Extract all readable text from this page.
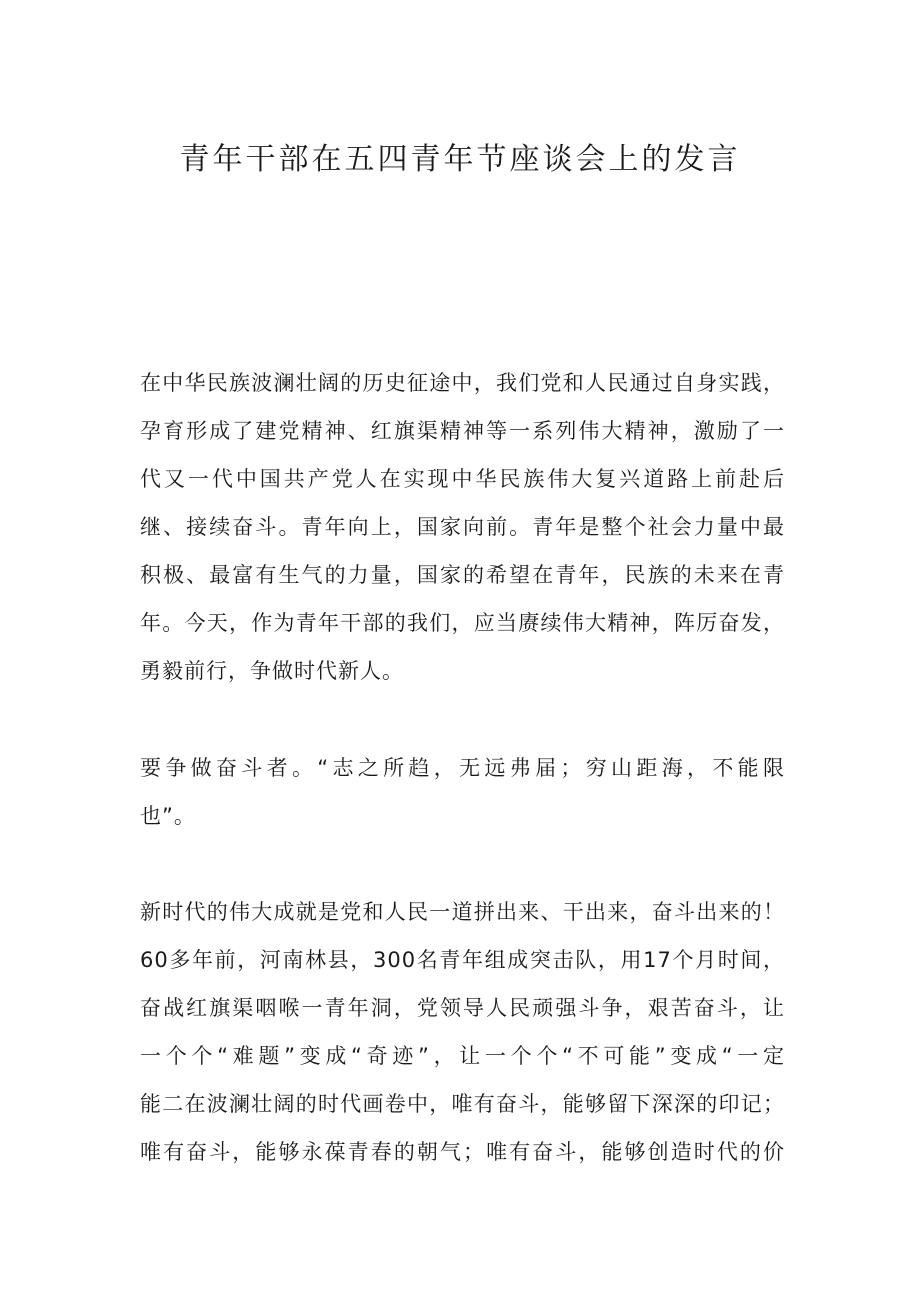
青年干部在五四青年节座谈会上的发言
在中华民族波澜壮阔的历史征途中，我们党和人民通过自身实践，
孕育形成了建党精神、红旗渠精神等一系列伟大精神，激励了一
代又一代中国共产党人在实现中华民族伟大复兴道路上前赴后
继、接续奋斗。青年向上，国家向前。青年是整个社会力量中最
积极、最富有生气的力量，国家的希望在青年，民族的未来在青
年。今天，作为青年干部的我们，应当赓续伟大精神，阵厉奋发，
勇毅前行，争做时代新人。
要争做奋斗者。“志之所趋，无远弗届；穷山距海，不能限
也”。
新时代的伟大成就是党和人民一道拼出来、干出来，奋斗出来的！
60多年前，河南林县，300名青年组成突击队，用17个月时间，
奋战红旗渠咽喉一青年洞，党领导人民顽强斗争，艰苦奋斗，让
一个个“难题”变成“奇迹”，让一个个“不可能”变成“一定
能二在波澜壮阔的时代画卷中，唯有奋斗，能够留下深深的印记；
唯有奋斗，能够永葆青春的朝气；唯有奋斗，能够创造时代的价
